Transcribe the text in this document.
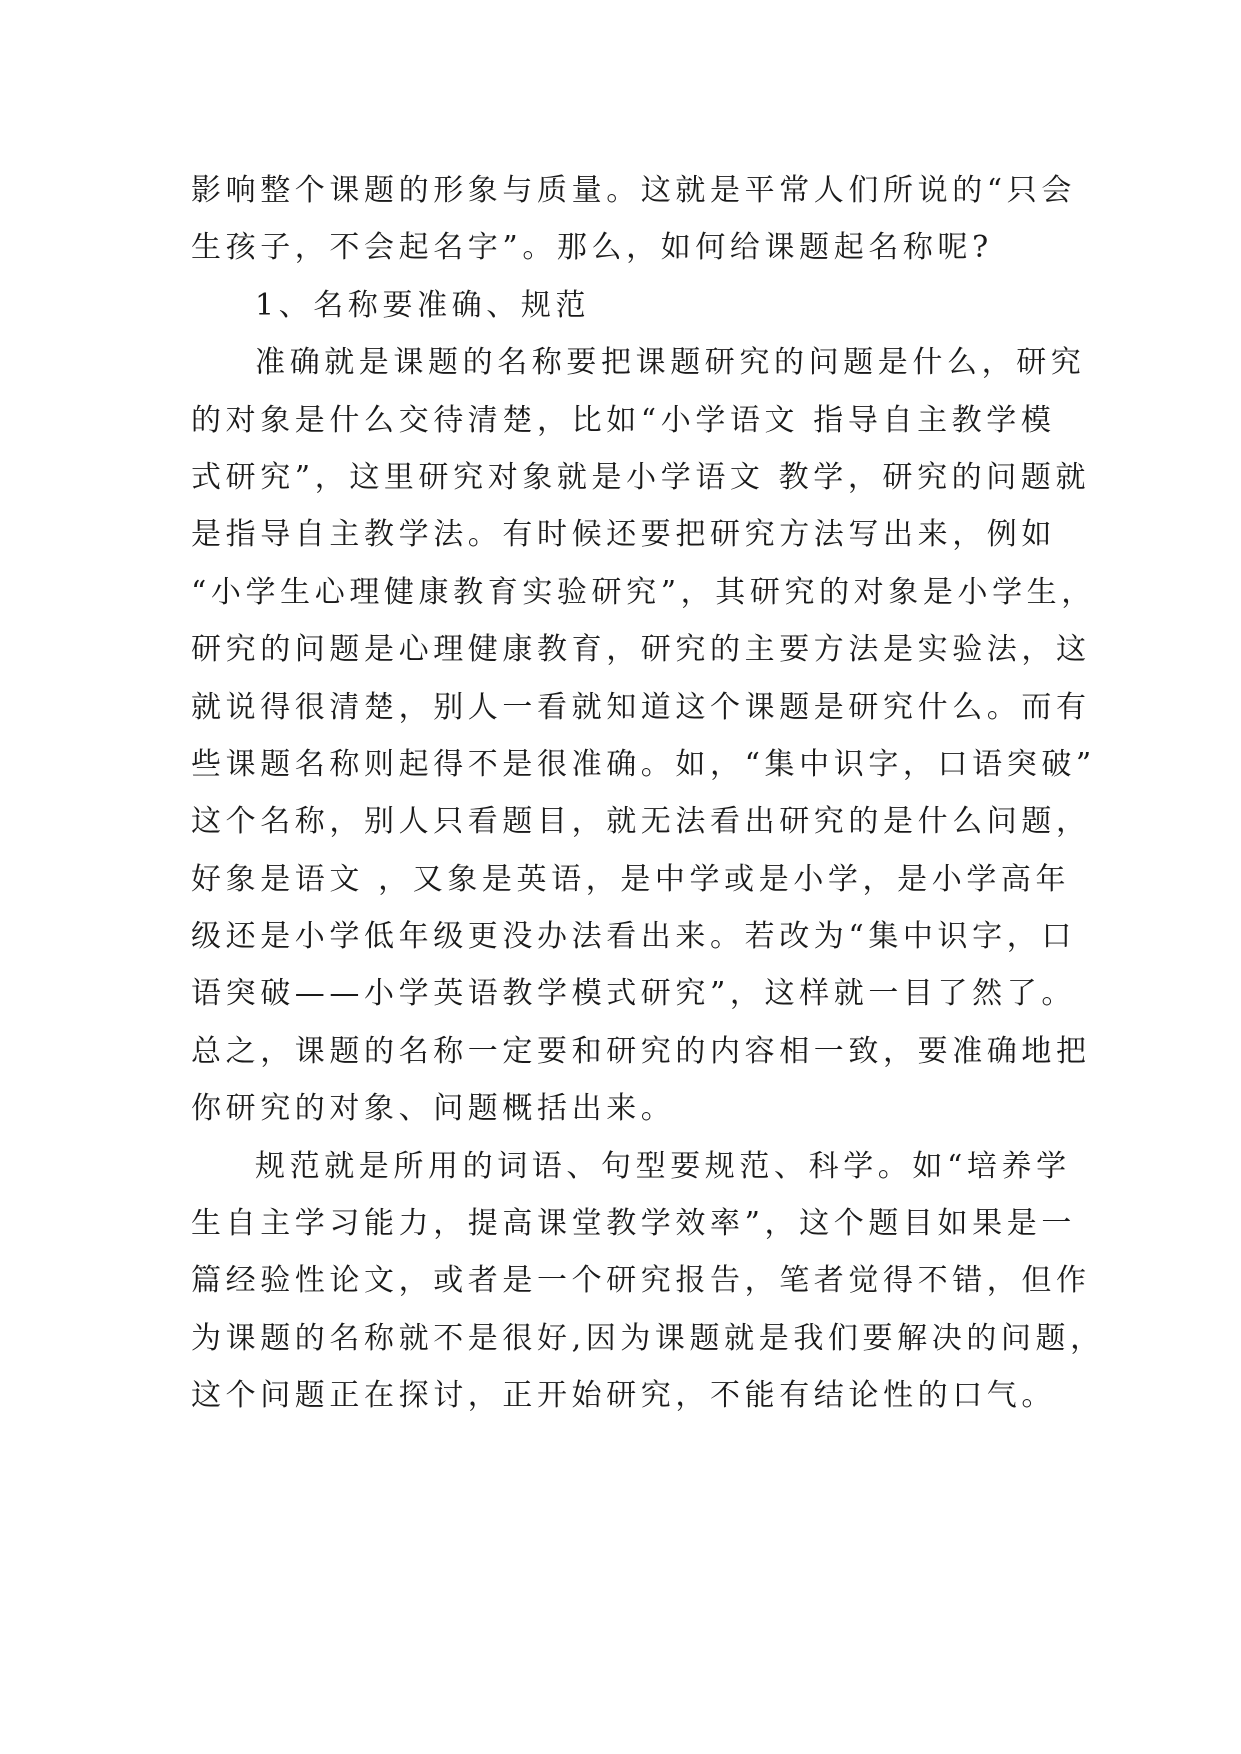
影响整个课题的形象与质量。这就是平常人们所说的“只会
生孩子，不会起名字”。那么，如何给课题起名称呢?
1、名称要准确、规范
准确就是课题的名称要把课题研究的问题是什么，研究
的对象是什么交待清楚，比如“小学语文 指导自主教学模
式研究”，这里研究对象就是小学语文 教学，研究的问题就
是指导自主教学法。有时候还要把研究方法写出来，例如
“小学生心理健康教育实验研究”，其研究的对象是小学生，
研究的问题是心理健康教育，研究的主要方法是实验法，这
就说得很清楚，别人一看就知道这个课题是研究什么。而有
些课题名称则起得不是很准确。如，“集中识字，口语突破”
这个名称，别人只看题目，就无法看出研究的是什么问题，
好象是语文 ，又象是英语，是中学或是小学，是小学高年
级还是小学低年级更没办法看出来。若改为“集中识字，口
语突破——小学英语教学模式研究”，这样就一目了然了。
总之，课题的名称一定要和研究的内容相一致，要准确地把
你研究的对象、问题概括出来。
规范就是所用的词语、句型要规范、科学。如“培养学
生自主学习能力，提高课堂教学效率”，这个题目如果是一
篇经验性论文，或者是一个研究报告，笔者觉得不错，但作
为课题的名称就不是很好,因为课题就是我们要解决的问题，
这个问题正在探讨，正开始研究，不能有结论性的口气。
